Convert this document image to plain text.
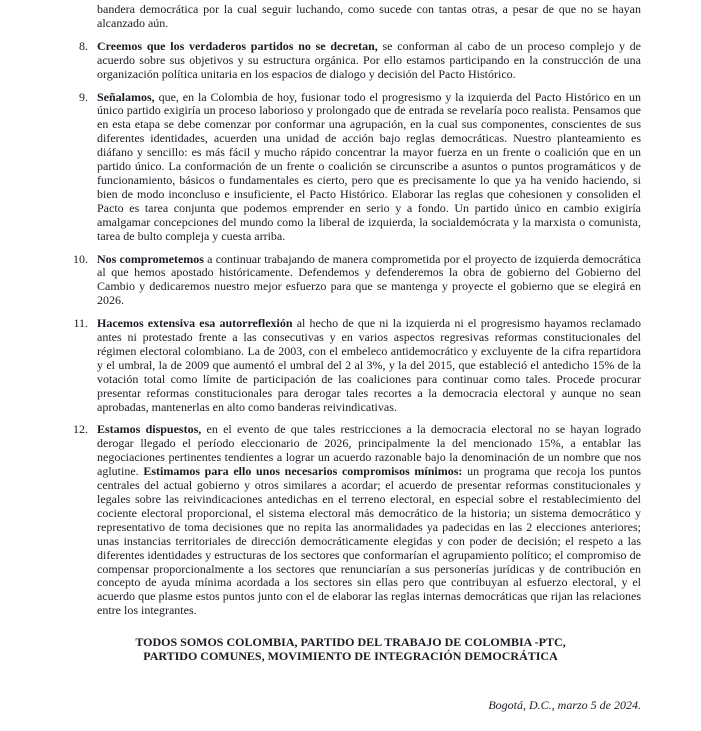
bandera democrática por la cual seguir luchando, como sucede con tantas otras, a pesar de que no se hayan alcanzado aún.

8. Creemos que los verdaderos partidos no se decretan, se conforman al cabo de un proceso complejo y de acuerdo sobre sus objetivos y su estructura orgánica. Por ello estamos participando en la construcción de una organización política unitaria en los espacios de dialogo y decisión del Pacto Histórico.

9. Señalamos, que, en la Colombia de hoy, fusionar todo el progresismo y la izquierda del Pacto Histórico en un único partido exigiría un proceso laborioso y prolongado que de entrada se revelaría poco realista. Pensamos que en esta etapa se debe comenzar por conformar una agrupación, en la cual sus componentes, conscientes de sus diferentes identidades, acuerden una unidad de acción bajo reglas democráticas. Nuestro planteamiento es diáfano y sencillo: es más fácil y mucho rápido concentrar la mayor fuerza en un frente o coalición que en un partido único. La conformación de un frente o coalición se circunscribe a asuntos o puntos programáticos y de funcionamiento, básicos o fundamentales es cierto, pero que es precisamente lo que ya ha venido haciendo, si bien de modo inconcluso e insuficiente, el Pacto Histórico. Elaborar las reglas que cohesionen y consoliden el Pacto es tarea conjunta que podemos emprender en serio y a fondo. Un partido único en cambio exigiría amalgamar concepciones del mundo como la liberal de izquierda, la socialdemócrata y la marxista o comunista, tarea de bulto compleja y cuesta arriba.

10. Nos comprometemos a continuar trabajando de manera comprometida por el proyecto de izquierda democrática al que hemos apostado históricamente. Defendemos y defenderemos la obra de gobierno del Gobierno del Cambio y dedicaremos nuestro mejor esfuerzo para que se mantenga y proyecte el gobierno que se elegirá en 2026.

11. Hacemos extensiva esa autorreflexión al hecho de que ni la izquierda ni el progresismo hayamos reclamado antes ni protestado frente a las consecutivas y en varios aspectos regresivas reformas constitucionales del régimen electoral colombiano. La de 2003, con el embeleco antidemocrático y excluyente de la cifra repartidora y el umbral, la de 2009 que aumentó el umbral del 2 al 3%, y la del 2015, que estableció el antedicho 15% de la votación total como límite de participación de las coaliciones para continuar como tales. Procede procurar presentar reformas constitucionales para derogar tales recortes a la democracia electoral y aunque no sean aprobadas, mantenerlas en alto como banderas reivindicativas.

12. Estamos dispuestos, en el evento de que tales restricciones a la democracia electoral no se hayan logrado derogar llegado el período eleccionario de 2026, principalmente la del mencionado 15%, a entablar las negociaciones pertinentes tendientes a lograr un acuerdo razonable bajo la denominación de un nombre que nos aglutine. Estimamos para ello unos necesarios compromisos mínimos: un programa que recoja los puntos centrales del actual gobierno y otros similares a acordar; el acuerdo de presentar reformas constitucionales y legales sobre las reivindicaciones antedichas en el terreno electoral, en especial sobre el restablecimiento del cociente electoral proporcional, el sistema electoral más democrático de la historia; un sistema democrático y representativo de toma decisiones que no repita las anormalidades ya padecidas en las 2 elecciones anteriores; unas instancias territoriales de dirección democráticamente elegidas y con poder de decisión; el respeto a las diferentes identidades y estructuras de los sectores que conformarían el agrupamiento político; el compromiso de compensar proporcionalmente a los sectores que renunciarían a sus personerías jurídicas y de contribución en concepto de ayuda mínima acordada a los sectores sin ellas pero que contribuyan al esfuerzo electoral, y el acuerdo que plasme estos puntos junto con el de elaborar las reglas internas democráticas que rijan las relaciones entre los integrantes.

TODOS SOMOS COLOMBIA, PARTIDO DEL TRABAJO DE COLOMBIA -PTC,
PARTIDO COMUNES, MOVIMIENTO DE INTEGRACIÓN DEMOCRÁTICA

Bogotá, D.C., marzo 5 de 2024.
